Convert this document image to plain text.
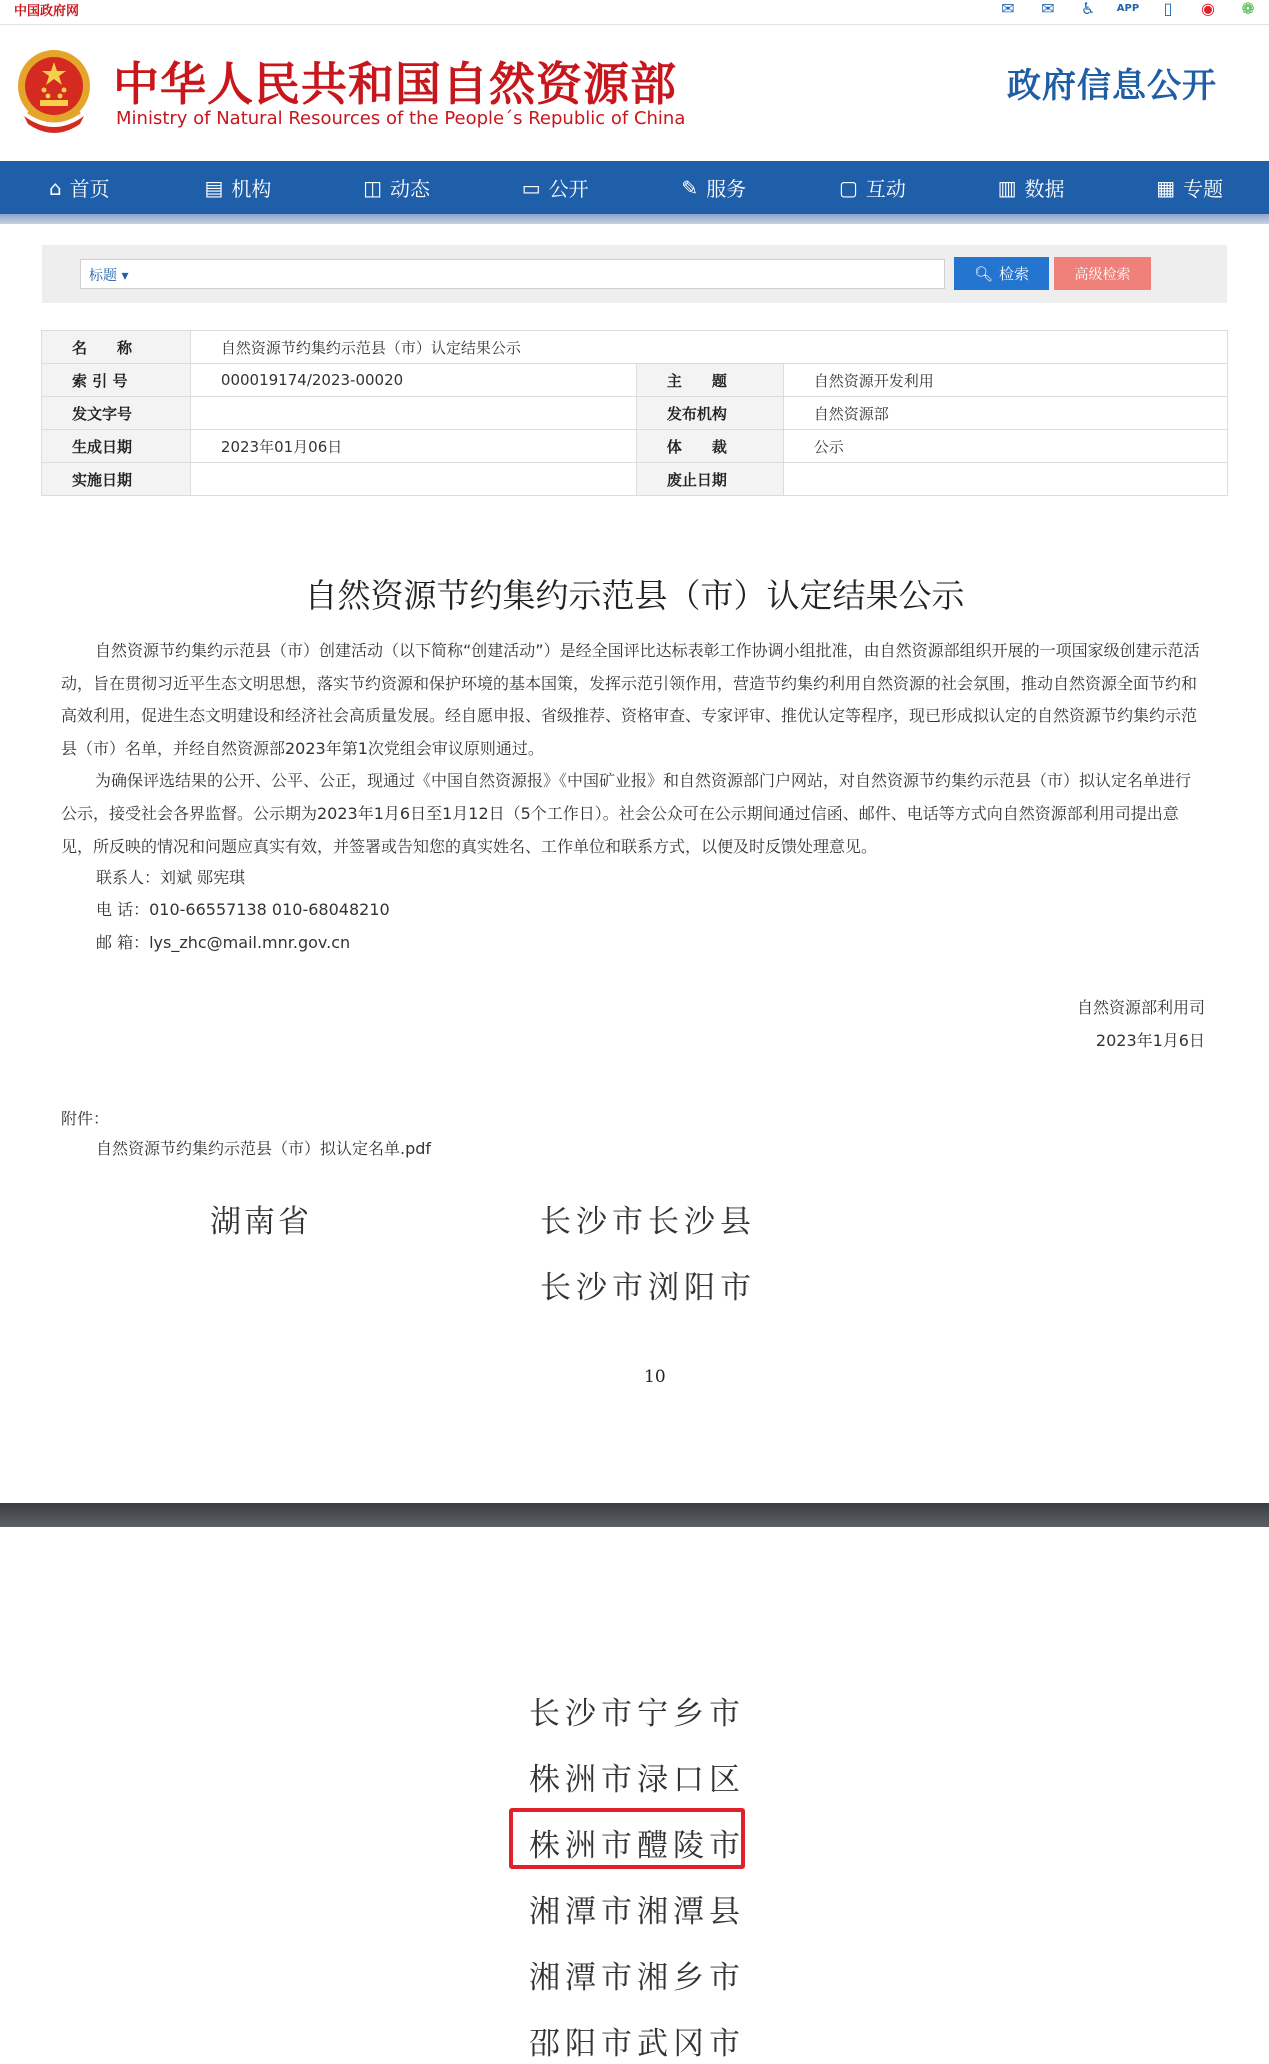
中国政府网	✉	✉	♿	APP	▯	◉	❁
中华人民共和国自然资源部
Ministry of Natural Resources of the People´s Republic of China
政府信息公开
⌂ 首页	▤ 机构	◫ 动态	▭ 公开	✎ 服务	▢ 互动	▥ 数据	▦ 专题
标题 ▾	🔍︎ 检索	高级检索
名　　称	自然资源节约集约示范县（市）认定结果公示		
索 引 号	000019174/2023-00020	主　　题	自然资源开发利用
发文字号		发布机构	自然资源部
生成日期	2023年01月06日	体　　裁	公示
实施日期		废止日期	
自然资源节约集约示范县（市）认定结果公示

自然资源节约集约示范县（市）创建活动（以下简称“创建活动”）是经全国评比达标表彰工作协调小组批准，由自然资源部组织开展的一项国家级创建示范活动，旨在贯彻习近平生态文明思想，落实节约资源和保护环境的基本国策，发挥示范引领作用，营造节约集约利用自然资源的社会氛围，推动自然资源全面节约和高效利用，促进生态文明建设和经济社会高质量发展。经自愿申报、省级推荐、资格审查、专家评审、推优认定等程序，现已形成拟认定的自然资源节约集约示范县（市）名单，并经自然资源部2023年第1次党组会审议原则通过。

为确保评选结果的公开、公平、公正，现通过《中国自然资源报》《中国矿业报》和自然资源部门户网站，对自然资源节约集约示范县（市）拟认定名单进行公示，接受社会各界监督。公示期为2023年1月6日至1月12日（5个工作日）。社会公众可在公示期间通过信函、邮件、电话等方式向自然资源部利用司提出意见，所反映的情况和问题应真实有效，并签署或告知您的真实姓名、工作单位和联系方式，以便及时反馈处理意见。

联系人：刘斌 郧宪琪
电 话：010-66557138 010-68048210
邮 箱：lys_zhc@mail.mnr.gov.cn
自然资源部利用司
2023年1月6日
附件：
自然资源节约集约示范县（市）拟认定名单.pdf
湖南省	长沙市长沙县
长沙市浏阳市
10
长沙市宁乡市
株洲市渌口区
株洲市醴陵市
湘潭市湘潭县
湘潭市湘乡市
邵阳市武冈市
